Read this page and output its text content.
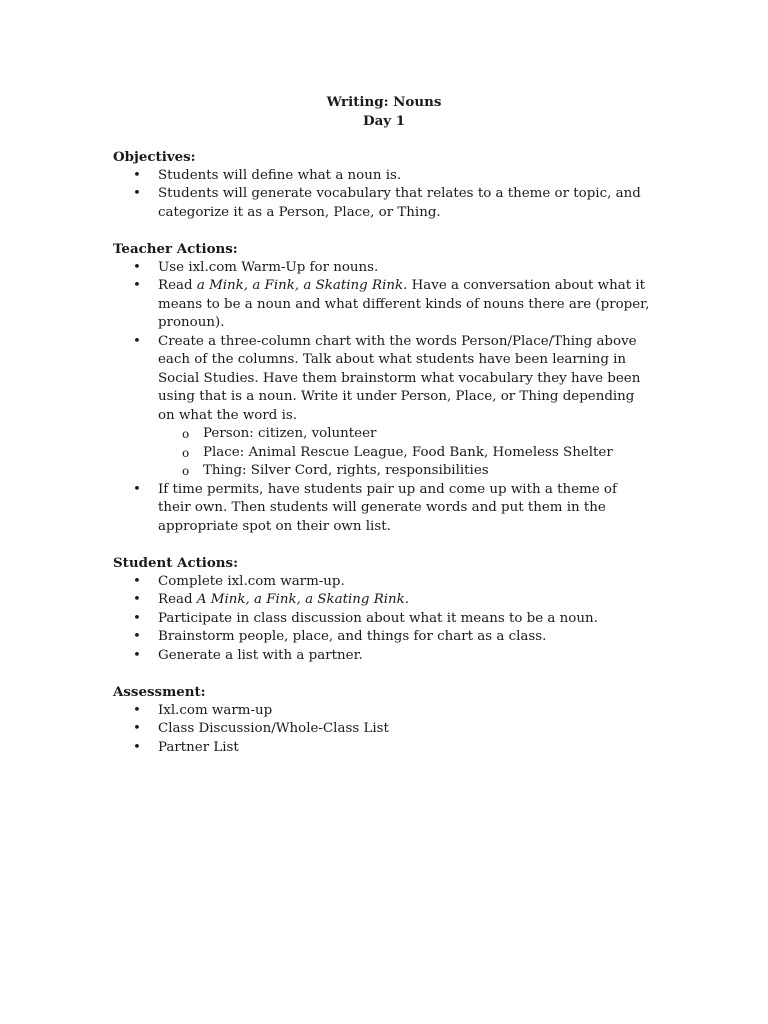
Writing: Nouns
Day 1

Objectives:

• Students will define what a noun is.
• Students will generate vocabulary that relates to a theme or topic, and categorize it as a Person, Place, or Thing.

Teacher Actions:

• Use ixl.com Warm-Up for nouns.
• Read a Mink, a Fink, a Skating Rink. Have a conversation about what it means to be a noun and what different kinds of nouns there are (proper, pronoun).
• Create a three-column chart with the words Person/Place/Thing above each of the columns. Talk about what students have been learning in Social Studies. Have them brainstorm what vocabulary they have been using that is a noun. Write it under Person, Place, or Thing depending on what the word is.
o Person: citizen, volunteer
o Place: Animal Rescue League, Food Bank, Homeless Shelter
o Thing: Silver Cord, rights, responsibilities
• If time permits, have students pair up and come up with a theme of their own. Then students will generate words and put them in the appropriate spot on their own list.

Student Actions:

• Complete ixl.com warm-up.
• Read A Mink, a Fink, a Skating Rink.
• Participate in class discussion about what it means to be a noun.
• Brainstorm people, place, and things for chart as a class.
• Generate a list with a partner.

Assessment:

• Ixl.com warm-up
• Class Discussion/Whole-Class List
• Partner List
